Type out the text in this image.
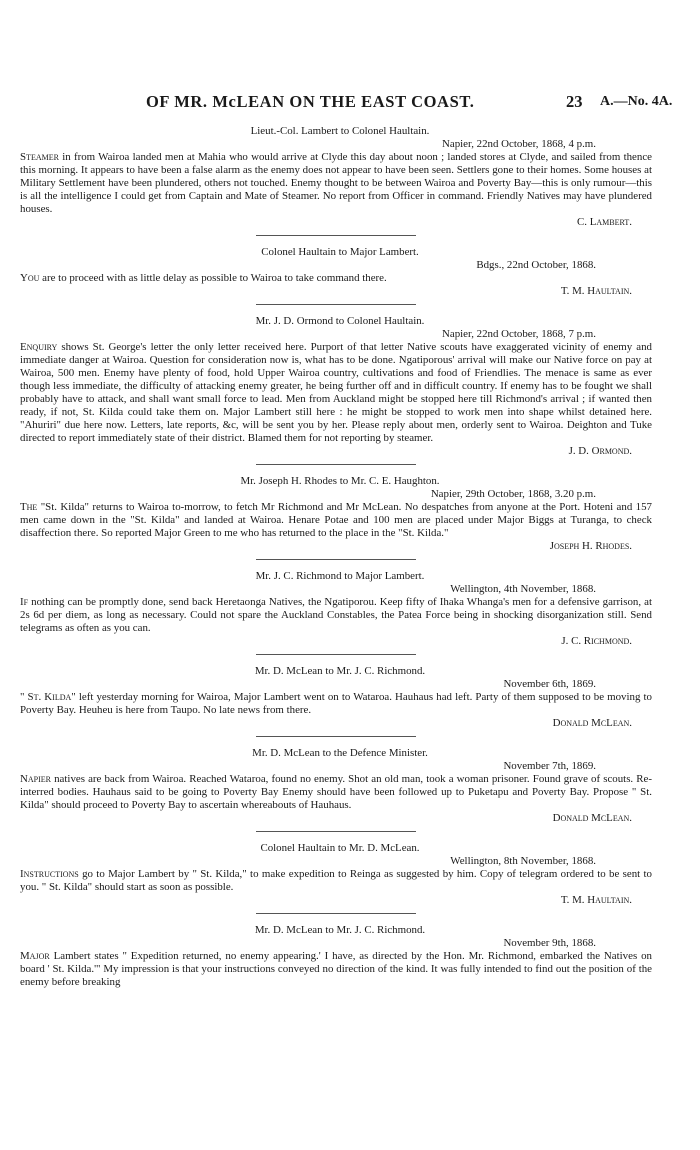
OF MR. McLEAN ON THE EAST COAST.	23 A.—No. 4A.
Lieut.-Col. Lambert to Colonel Haultain.
Napier, 22nd October, 1868, 4 p.m.
Steamer in from Wairoa landed men at Mahia who would arrive at Clyde this day about noon ; landed stores at Clyde, and sailed from thence this morning. It appears to have been a false alarm as the enemy does not appear to have been seen. Settlers gone to their homes. Some houses at Military Settlement have been plundered, others not touched. Enemy thought to be between Wairoa and Poverty Bay—this is only rumour—this is all the intelligence I could get from Captain and Mate of Steamer. No report from Officer in command. Friendly Natives may have plundered houses.
C. Lambert.
Colonel Haultain to Major Lambert.
Bdgs., 22nd October, 1868.
You are to proceed with as little delay as possible to Wairoa to take command there.
T. M. Haultain.
Mr. J. D. Ormond to Colonel Haultain.
Napier, 22nd October, 1868, 7 p.m.
Enquiry shows St. George's letter the only letter received here. Purport of that letter Native scouts have exaggerated vicinity of enemy and immediate danger at Wairoa. Question for consideration now is, what has to be done. Ngatiporous' arrival will make our Native force on pay at Wairoa, 500 men. Enemy have plenty of food, hold Upper Wairoa country, cultivations and food of Friendlies. The menace is same as ever though less immediate, the difficulty of attacking enemy greater, he being further off and in difficult country. If enemy has to be fought we shall probably have to attack, and shall want small force to lead. Men from Auckland might be stopped here till Richmond's arrival ; if wanted then ready, if not, St. Kilda could take them on. Major Lambert still here : he might be stopped to work men into shape whilst detained here. "Ahuriri" due here now. Letters, late reports, &c, will be sent you by her. Please reply about men, orderly sent to Wairoa. Deighton and Tuke directed to report immediately state of their district. Blamed them for not reporting by steamer.
J. D. Ormond.
Mr. Joseph H. Rhodes to Mr. C. E. Haughton.
Napier, 29th October, 1868, 3.20 p.m.
The "St. Kilda" returns to Wairoa to-morrow, to fetch Mr Richmond and Mr McLean. No despatches from anyone at the Port. Hoteni and 157 men came down in the "St. Kilda" and landed at Wairoa. Henare Potae and 100 men are placed under Major Biggs at Turanga, to check disaffection there. So reported Major Green to me who has returned to the place in the "St. Kilda."
Joseph H. Rhodes.
Mr. J. C. Richmond to Major Lambert.
Wellington, 4th November, 1868.
If nothing can be promptly done, send back Heretaonga Natives, the Ngatiporou. Keep fifty of Ihaka Whanga's men for a defensive garrison, at 2s 6d per diem, as long as necessary. Could not spare the Auckland Constables, the Patea Force being in shocking disorganization still. Send telegrams as often as you can.
J. C. Richmond.
Mr. D. McLean to Mr. J. C. Richmond.
November 6th, 1869.
" St. Kilda" left yesterday morning for Wairoa, Major Lambert went on to Wataroa. Hauhaus had left. Party of them supposed to be moving to Poverty Bay. Heuheu is here from Taupo. No late news from there.
Donald McLean.
Mr. D. McLean to the Defence Minister.
November 7th, 1869.
Napier natives are back from Wairoa. Reached Wataroa, found no enemy. Shot an old man, took a woman prisoner. Found grave of scouts. Re-interred bodies. Hauhaus said to be going to Poverty Bay Enemy should have been followed up to Puketapu and Poverty Bay. Propose " St. Kilda" should proceed to Poverty Bay to ascertain whereabouts of Hauhaus.
Donald McLean.
Colonel Haultain to Mr. D. McLean.
Wellington, 8th November, 1868.
Instructions go to Major Lambert by " St. Kilda," to make expedition to Reinga as suggested by him. Copy of telegram ordered to be sent to you. " St. Kilda" should start as soon as possible.
T. M. Haultain.
Mr. D. McLean to Mr. J. C. Richmond.
November 9th, 1868.
Major Lambert states " Expedition returned, no enemy appearing.' I have, as directed by the Hon. Mr. Richmond, embarked the Natives on board ' St. Kilda.'" My impression is that your instructions conveyed no direction of the kind. It was fully intended to find out the position of the enemy before breaking
